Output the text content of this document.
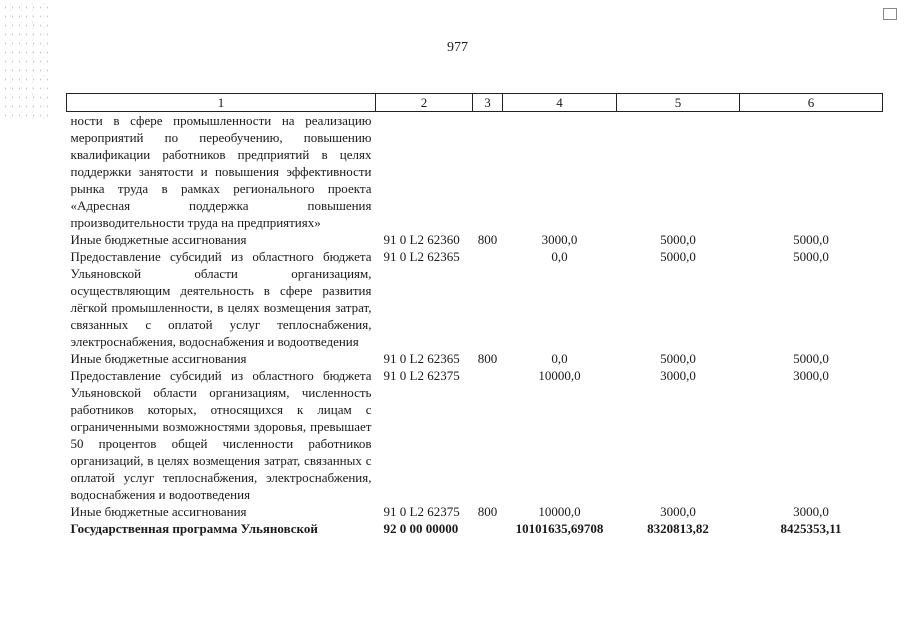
977
1	2	3	4	5	6
ности в сфере промышленности на реализацию мероприятий по переобучению, повышению квалификации работников предприятий в целях поддержки занятости и повышения эффективности рынка труда в рамках регионального проекта «Адресная поддержка повышения производительности труда на предприятиях»					
Иные бюджетные ассигнования	91 0 L2 62360	800	3000,0	5000,0	5000,0
Предоставление субсидий из областного бюджета Ульяновской области организациям, осуществляющим деятельность в сфере развития лёгкой промышленности, в целях возмещения затрат, связанных с оплатой услуг теплоснабжения, электроснабжения, водоснабжения и водоотведения	91 0 L2 62365		0,0	5000,0	5000,0
Иные бюджетные ассигнования	91 0 L2 62365	800	0,0	5000,0	5000,0
Предоставление субсидий из областного бюджета Ульяновской области организациям, численность работников которых, относящихся к лицам с ограниченными возможностями здоровья, превышает 50 процентов общей численности работников организаций, в целях возмещения затрат, связанных с оплатой услуг теплоснабжения, электроснабжения, водоснабжения и водоотведения	91 0 L2 62375		10000,0	3000,0	3000,0
Иные бюджетные ассигнования	91 0 L2 62375	800	10000,0	3000,0	3000,0
Государственная программа Ульяновской	92 0 00 00000		10101635,69708	8320813,82	8425353,11
